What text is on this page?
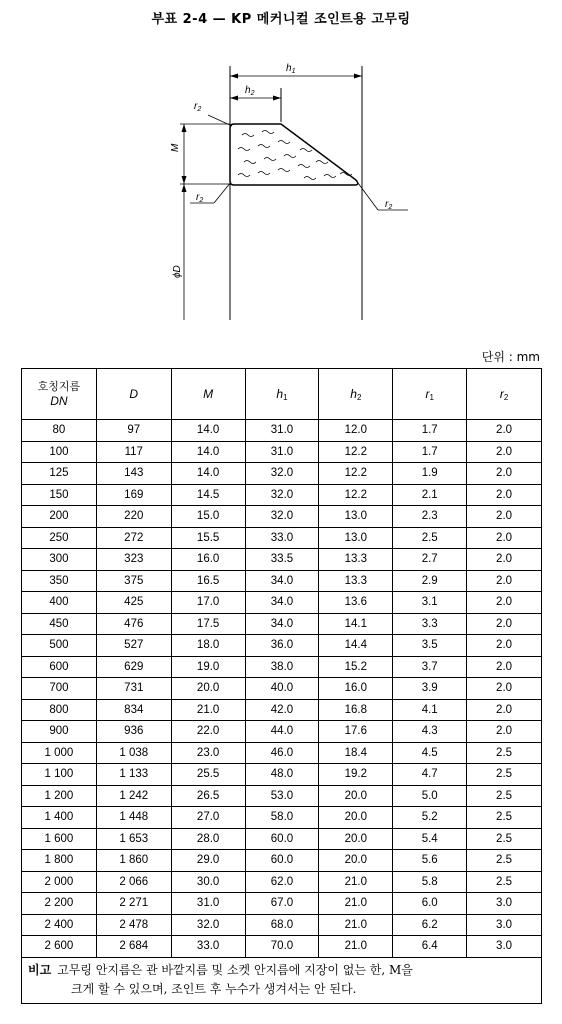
부표 2-4 — KP 메커니컬 조인트용 고무링
$h_1$
$h_2$
M
ϕD
$r_2$
$r_2$	$r_2$
단위 : mm
호칭지름
DN	D	M	$h_1$	$h_2$	$r_1$	$r_2$
80	97	14.0	31.0	12.0	1.7	2.0
100	117	14.0	31.0	12.2	1.7	2.0
125	143	14.0	32.0	12.2	1.9	2.0
150	169	14.5	32.0	12.2	2.1	2.0
200	220	15.0	32.0	13.0	2.3	2.0
250	272	15.5	33.0	13.0	2.5	2.0
300	323	16.0	33.5	13.3	2.7	2.0
350	375	16.5	34.0	13.3	2.9	2.0
400	425	17.0	34.0	13.6	3.1	2.0
450	476	17.5	34.0	14.1	3.3	2.0
500	527	18.0	36.0	14.4	3.5	2.0
600	629	19.0	38.0	15.2	3.7	2.0
700	731	20.0	40.0	16.0	3.9	2.0
800	834	21.0	42.0	16.8	4.1	2.0
900	936	22.0	44.0	17.6	4.3	2.0
1 000	1 038	23.0	46.0	18.4	4.5	2.5
1 100	1 133	25.5	48.0	19.2	4.7	2.5
1 200	1 242	26.5	53.0	20.0	5.0	2.5
1 400	1 448	27.0	58.0	20.0	5.2	2.5
1 600	1 653	28.0	60.0	20.0	5.4	2.5
1 800	1 860	29.0	60.0	20.0	5.6	2.5
2 000	2 066	30.0	62.0	21.0	5.8	2.5
2 200	2 271	31.0	67.0	21.0	6.0	3.0
2 400	2 478	32.0	68.0	21.0	6.2	3.0
2 600	2 684	33.0	70.0	21.0	6.4	3.0
비고 고무링 안지름은 관 바깥지름 및 소켓 안지름에 지장이 없는 한, M을
크게 할 수 있으며, 조인트 후 누수가 생겨서는 안 된다.						
